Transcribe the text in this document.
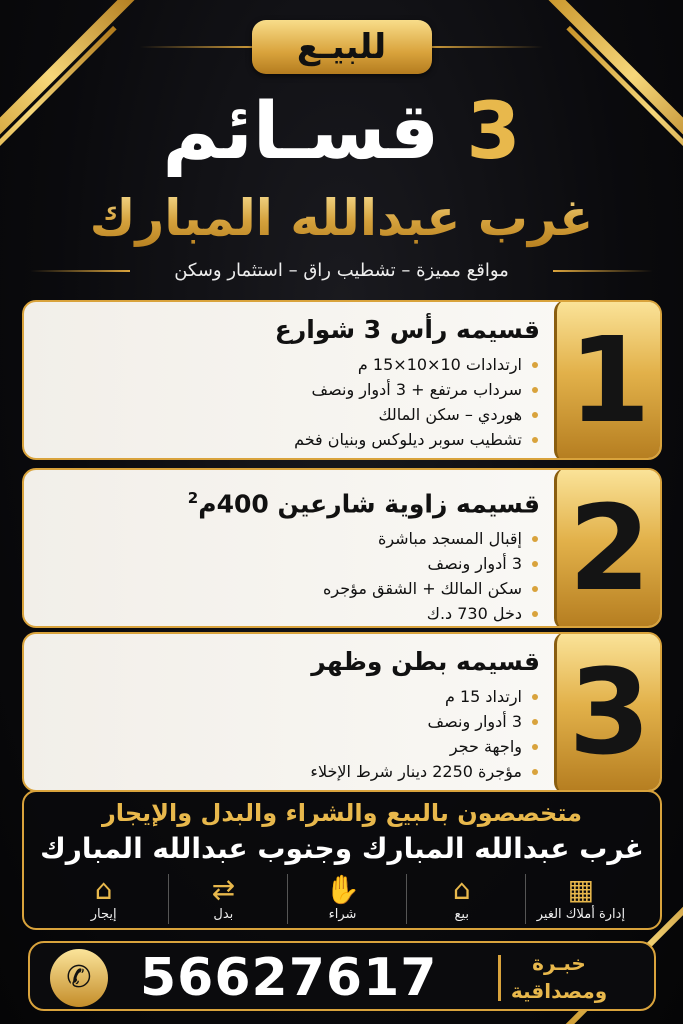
للبيـع
3 قسـائم
غرب عبدالله المبارك
مواقع مميزة – تشطيب راق – استثمار وسكن
1
قسيمه رأس 3 شوارع
ارتدادات 10×10×15 م
سرداب مرتفع + 3 أدوار ونصف
هوردي – سكن المالك
تشطيب سوبر ديلوكس وبنيان فخم
2
قسيمه زاوية شارعين 400م$^2$
إقبال المسجد مباشرة
3 أدوار ونصف
سكن المالك + الشقق مؤجره
دخل 730 د.ك
3
قسيمه بطن وظهر
ارتداد 15 م
3 أدوار ونصف
واجهة حجر
مؤجرة 2250 دينار شرط الإخلاء
متخصصون بالبيع والشراء والبدل والإيجار
غرب عبدالله المبارك وجنوب عبدالله المبارك
▦
إدارة أملاك الغير
⌂
بيع
✋
شراء
⇄
بدل
⌂
إيجار
✆ 56627617	خبـرة
ومصداقية
